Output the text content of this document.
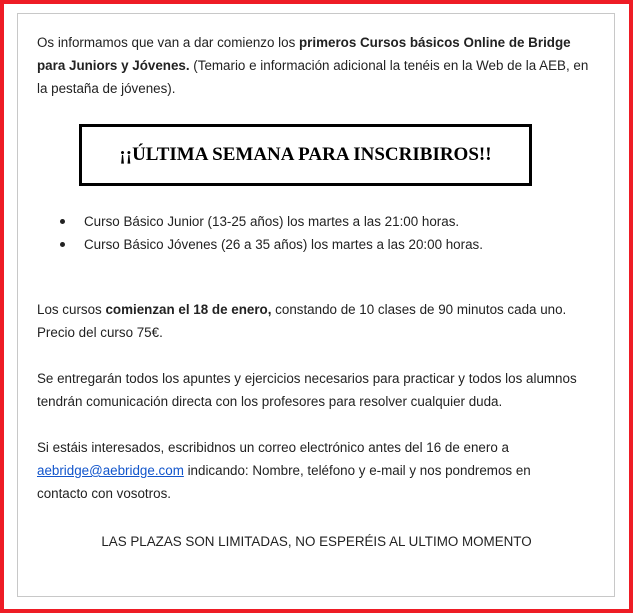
Os informamos que van a dar comienzo los primeros Cursos básicos Online de Bridge para Juniors y Jóvenes. (Temario e información adicional la tenéis en la Web de la AEB, en la pestaña de jóvenes).
¡¡ÚLTIMA SEMANA PARA INSCRIBIROS!!
Curso Básico Junior (13-25 años) los martes a las 21:00 horas.
Curso Básico Jóvenes (26 a 35 años) los martes a las 20:00 horas.
Los cursos comienzan el 18 de enero, constando de 10 clases de 90 minutos cada uno.
Precio del curso 75€.
Se entregarán todos los apuntes y ejercicios necesarios para practicar y todos los alumnos tendrán comunicación directa con los profesores para resolver cualquier duda.
Si estáis interesados, escribidnos un correo electrónico antes del 16 de enero a aebridge@aebridge.com indicando: Nombre, teléfono y e-mail y nos pondremos en contacto con vosotros.
LAS PLAZAS SON LIMITADAS, NO ESPERÉIS AL ULTIMO MOMENTO
